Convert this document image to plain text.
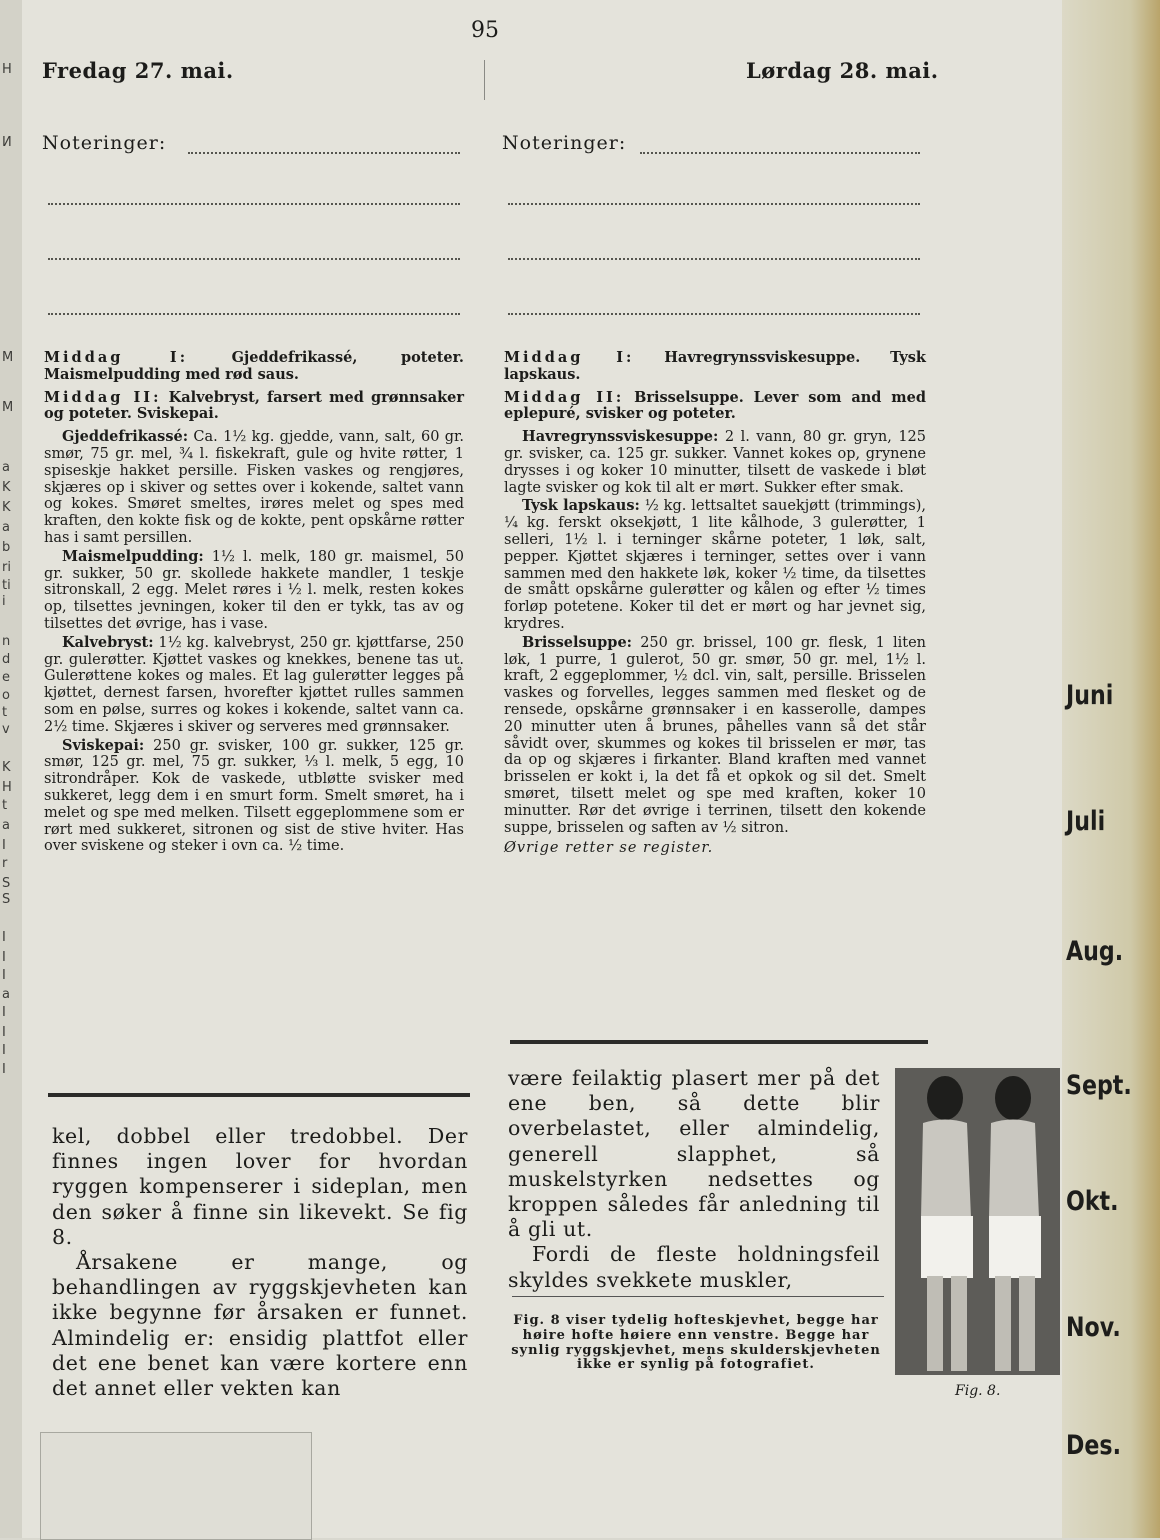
H
И
M
M
a
K
K
a
b
ri
ti
i
n
d
e
o
t
v
K
H
t
a
I
r
S
S
I
I
I
a
I
I
I
I
95
Fredag 27. mai.
Noteringer:
Lørdag 28. mai.
Noteringer:

Middag I:	Gjeddefrikassé, poteter. Maismelpudding med rød saus.

Middag II: Kalvebryst, farsert med grønnsaker og poteter. Sviskepai.

Gjeddefrikassé: Ca. 1½ kg. gjedde, vann, salt, 60 gr. smør, 75 gr. mel, ¾ l. fiskekraft, gule og hvite røtter, 1 spiseskje hakket persille. Fisken vaskes og rengjøres, skjæres op i skiver og settes over i kokende, saltet vann og kokes. Smøret smeltes, irøres melet og spes med kraften, den kokte fisk og de kokte, pent opskårne røtter has i samt persillen.

Maismelpudding: 1½ l. melk, 180 gr. maismel, 50 gr. sukker, 50 gr. skollede hakkete mandler, 1 teskje sitronskall, 2 egg. Melet røres i ½ l. melk, resten kokes op, tilsettes jevningen, koker til den er tykk, tas av og tilsettes det øvrige, has i vase.

Kalvebryst: 1½ kg. kalvebryst, 250 gr. kjøttfarse, 250 gr. gulerøtter. Kjøttet vaskes og knekkes, benene tas ut. Gulerøttene kokes og males. Et lag gulerøtter legges på kjøttet, dernest farsen, hvorefter kjøttet rulles sammen som en pølse, surres og kokes i kokende, saltet vann ca. 2½ time. Skjæres i skiver og serveres med grønnsaker.

Sviskepai: 250 gr. svisker, 100 gr. sukker, 125 gr. smør, 125 gr. mel, 75 gr. sukker, ⅓ l. melk, 5 egg, 10 sitrondråper. Kok de vaskede, utbløtte svisker med sukkeret, legg dem i en smurt form. Smelt smøret, ha i melet og spe med melken. Tilsett eggeplommene som er rørt med sukkeret, sitronen og sist de stive hviter. Has over sviskene og steker i ovn ca. ½ time.

Middag I: Havregrynssviskesuppe. Tysk lapskaus.

Middag II: Brisselsuppe. Lever som and med eplepuré, svisker og poteter.

Havregrynssviskesuppe: 2 l. vann, 80 gr. gryn, 125 gr. svisker, ca. 125 gr. sukker. Vannet kokes op, grynene drysses i og koker 10 minutter, tilsett de vaskede i bløt lagte svisker og kok til alt er mørt. Sukker efter smak.

Tysk lapskaus: ½ kg. lettsaltet sauekjøtt (trimmings), ¼ kg. ferskt oksekjøtt, 1 lite kålhode, 3 gulerøtter, 1 selleri, 1½ l. i terninger skårne poteter, 1 løk, salt, pepper. Kjøttet skjæres i terninger, settes over i vann sammen med den hakkete løk, koker ½ time, da tilsettes de smått opskårne gulerøtter og kålen og efter ½ times forløp potetene. Koker til det er mørt og har jevnet sig, krydres.

Brisselsuppe: 250 gr. brissel, 100 gr. flesk, 1 liten løk, 1 purre, 1 gulerot, 50 gr. smør, 50 gr. mel, 1½ l. kraft, 2 eggeplommer, ½ dcl. vin, salt, persille. Brisselen vaskes og forvelles, legges sammen med flesket og de rensede, opskårne grønnsaker i en kasserolle, dampes 20 minutter uten å brunes, påhelles vann så det står såvidt over, skummes og kokes til brisselen er mør, tas da op og skjæres i firkanter. Bland kraften med vannet brisselen er kokt i, la det få et opkok og sil det. Smelt smøret, tilsett melet og spe med kraften, koker 10 minutter. Rør det øvrige i terrinen, tilsett den kokende suppe, brisselen og saften av ½ sitron.

Øvrige retter se register.

kel, dobbel eller tredobbel. Der finnes ingen lover for hvordan ryggen kompenserer i sideplan, men den søker å finne sin likevekt. Se fig 8.

Årsakene er mange, og behandlingen av ryggskjevheten kan ikke begynne før årsaken er funnet. Almindelig er: ensidig plattfot eller det ene benet kan være kortere enn det annet eller vekten kan

være feilaktig plasert mer på det ene ben, så dette blir overbelastet, eller almindelig, generell slapphet, så muskelstyrken nedsettes og kroppen således får anledning til å gli ut.

Fordi de fleste holdningsfeil skyldes svekkete muskler,

Fig. 8 viser tydelig hofteskjevhet, begge har høire hofte høiere enn venstre. Begge har synlig ryggskjevhet, mens skulderskjevheten ikke er synlig på fotografiet.
Fig. 8.
Juni
Juli
Aug.
Sept.
Okt.
Nov.
Des.
